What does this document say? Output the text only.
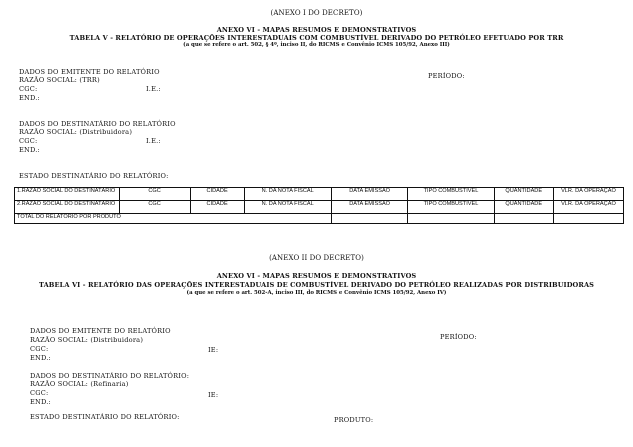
(ANEXO I DO DECRETO)
ANEXO VI - MAPAS RESUMOS E DEMONSTRATIVOS
TABELA V - RELATÓRIO DE OPERAÇÕES INTERESTADUAIS COM COMBUSTÍVEL DERIVADO DO PETRÓLEO EFETUADO POR TRR
(a que se refere o art. 502, § 4º, inciso II, do RICMS e Convênio ICMS 105/92, Anexo III)
DADOS DO EMITENTE DO RELATÓRIO
RAZÃO SOCIAL: (TRR)
CGC:	I.E.:
END.:
PERÍODO:
DADOS DO DESTINATÁRIO DO RELATÓRIO
RAZÃO SOCIAL: (Distribuidora)
CGC:	I.E.:
END.:
ESTADO DESTINATÁRIO DO RELATÓRIO:
1.RAZÃO SOCIAL DO DESTINATÁRIO	CGC	CIDADE	N. DA NOTA FISCAL	DATA EMISSÃO	TIPO COMBUSTÍVEL	QUANTIDADE	VLR. DA OPERAÇÃO
2.RAZÃO SOCIAL DO DESTINATÁRIO	CGC	CIDADE	N. DA NOTA FISCAL	DATA EMISSÃO	TIPO COMBUSTÍVEL	QUANTIDADE	VLR. DA OPERAÇÃO
TOTAL DO RELATÓRIO POR PRODUTO							
(ANEXO II DO DECRETO)
ANEXO VI - MAPAS RESUMOS E DEMONSTRATIVOS
TABELA VI - RELATÓRIO DAS OPERAÇÕES INTERESTADUAIS DE COMBUSTÍVEL DERIVADO DO PETRÓLEO REALIZADAS POR DISTRIBUIDORAS
(a que se refere o art. 502-A, inciso III, do RICMS e Convênio ICMS 105/92, Anexo IV)
DADOS DO EMITENTE DO RELATÓRIO
RAZÃO SOCIAL: (Distribuidora)
CGC:	IE:
END.:
PERÍODO:
DADOS DO DESTINATÁRIO DO RELATÓRIO:
RAZÃO SOCIAL: (Refinaria)
CGC:	IE:
END.:
ESTADO DESTINATÁRIO DO RELATÓRIO:	PRODUTO:
